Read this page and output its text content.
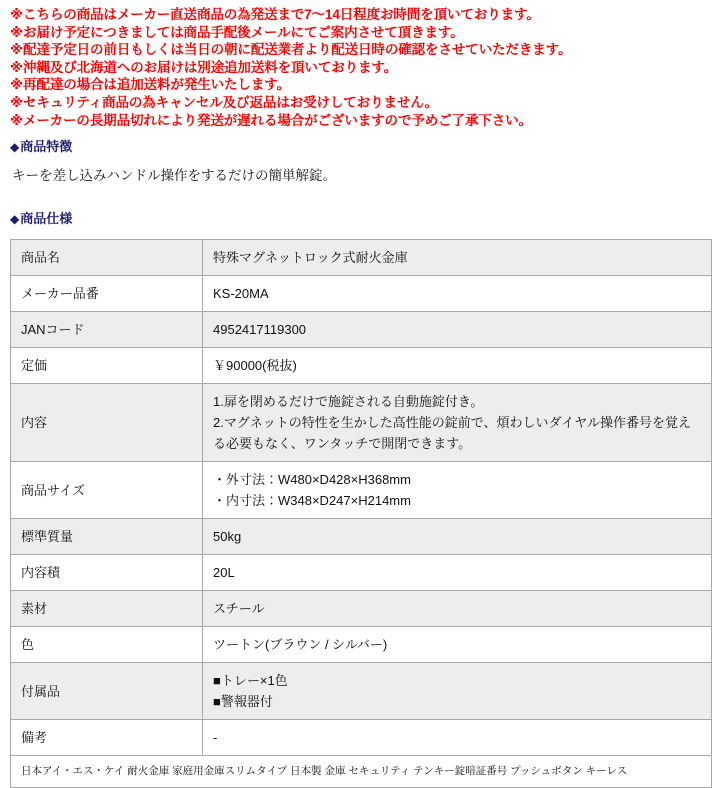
※こちらの商品はメーカー直送商品の為発送まで7～14日程度お時間を頂いております。
※お届け予定につきましては商品手配後メールにてご案内させて頂きます。
※配達予定日の前日もしくは当日の朝に配送業者より配送日時の確認をさせていただきます。
※沖縄及び北海道へのお届けは別途追加送料を頂いております。
※再配達の場合は追加送料が発生いたします。
※セキュリティ商品の為キャンセル及び返品はお受けしておりません。
※メーカーの長期品切れにより発送が遅れる場合がございますので予めご了承下さい。
◆商品特徴
キーを差し込みハンドル操作をするだけの簡単解錠。
◆商品仕様
商品名	特殊マグネットロック式耐火金庫

メーカー品番	KS-20MA

JANコード	4952417119300

定価	￥90000(税抜)

内容	1.扉を閉めるだけで施錠される自動施錠付き。
2.マグネットの特性を生かした高性能の錠前で、煩わしいダイヤル操作番号を覚える必要もなく、ワンタッチで開閉できます。

商品サイズ	・外寸法：W480×D428×H368mm
・内寸法：W348×D247×H214mm

標準質量	50kg

内容積	20L

素材	スチール

色	ツートン(ブラウン / シルバー)

付属品	■トレー×1色
■警報器付

備考	-
日本アイ・エス・ケイ 耐火金庫 家庭用金庫スリムタイプ 日本製 金庫 セキュリティ テンキー錠暗証番号 プッシュボタン キーレス
